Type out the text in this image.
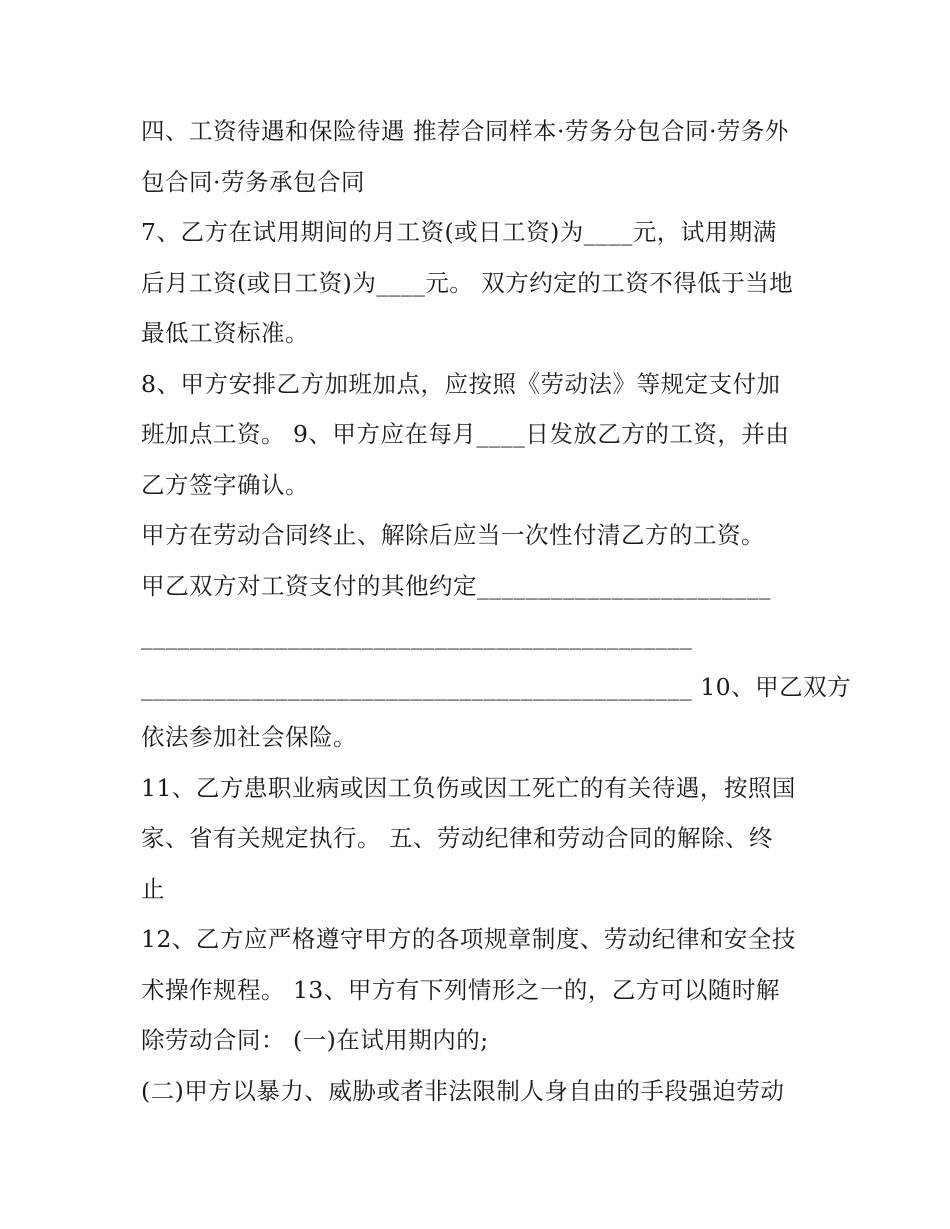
四、工资待遇和保险待遇 推荐合同样本·劳务分包合同·劳务外
包合同·劳务承包合同
7、乙方在试用期间的月工资(或日工资)为____元，试用期满
后月工资(或日工资)为____元。 双方约定的工资不得低于当地
最低工资标准。
8、甲方安排乙方加班加点，应按照《劳动法》等规定支付加
班加点工资。 9、甲方应在每月____日发放乙方的工资，并由
乙方签字确认。
甲方在劳动合同终止、解除后应当一次性付清乙方的工资。
甲乙双方对工资支付的其他约定________________________
_____________________________________________
_____________________________________________ 10、甲乙双方
依法参加社会保险。
11、乙方患职业病或因工负伤或因工死亡的有关待遇，按照国
家、省有关规定执行。 五、劳动纪律和劳动合同的解除、终
止
12、乙方应严格遵守甲方的各项规章制度、劳动纪律和安全技
术操作规程。 13、甲方有下列情形之一的，乙方可以随时解
除劳动合同： (一)在试用期内的;
(二)甲方以暴力、威胁或者非法限制人身自由的手段强迫劳动
